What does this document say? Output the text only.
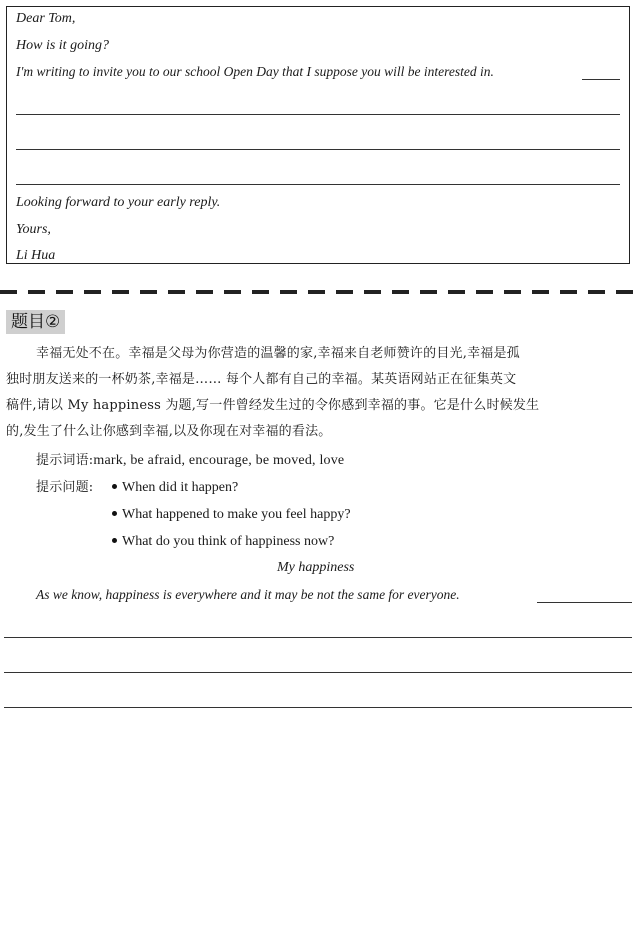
Dear Tom,
How is it going?
I'm writing to invite you to our school Open Day that I suppose you will be interested in.
Looking forward to your early reply.
Yours,
Li Hua
题目②
幸福无处不在。幸福是父母为你营造的温馨的家,幸福来自老师赞许的目光,幸福是孤
独时朋友送来的一杯奶茶,幸福是…… 每个人都有自己的幸福。某英语网站正在征集英文
稿件,请以 My happiness 为题,写一件曾经发生过的令你感到幸福的事。它是什么时候发生
的,发生了什么让你感到幸福,以及你现在对幸福的看法。
提示词语:mark, be afraid, encourage, be moved, love
提示问题:	When did it happen?
What happened to make you feel happy?
What do you think of happiness now?
My happiness
As we know, happiness is everywhere and it may be not the same for everyone.
